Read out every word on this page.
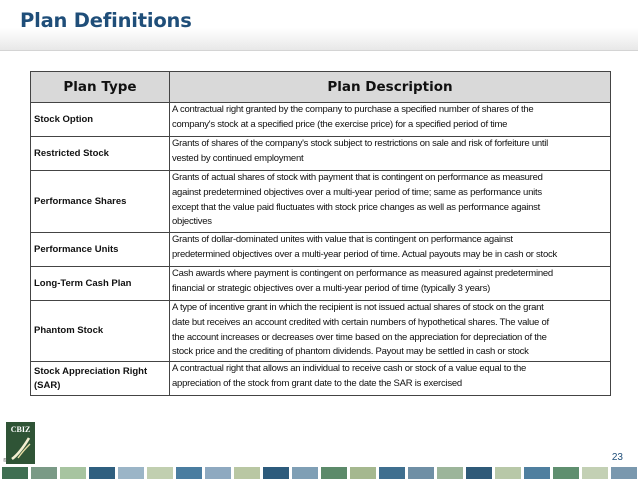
Plan Definitions
Plan Type	Plan Description
Stock Option	A contractual right granted by the company to purchase a specified number of shares of the
company's stock at a specified price (the exercise price) for a specified period of time

Restricted Stock	Grants of shares of the company's stock subject to restrictions on sale and risk of forfeiture until
vested by continued employment

Performance Shares	Grants of actual shares of stock with payment that is contingent on performance as measured
against predetermined objectives over a multi-year period of time; same as performance units
except that the value paid fluctuates with stock price changes as well as performance against
objectives

Performance Units	Grants of dollar-dominated unites with value that is contingent on performance against
predetermined objectives over a multi-year period of time. Actual payouts may be in cash or stock

Long-Term Cash Plan	Cash awards where payment is contingent on performance as measured against predetermined
financial or strategic objectives over a multi-year period of time (typically 3 years)

Phantom Stock	A type of incentive grant in which the recipient is not issued actual shares of stock on the grant
date but receives an account credited with certain numbers of hypothetical shares. The value of
the account increases or decreases over time based on the appreciation for depreciation of the
stock price and the crediting of phantom dividends. Payout may be settled in cash or stock

Stock Appreciation Right (SAR)	A contractual right that allows an individual to receive cash or stock of a value equal to the
appreciation of the stock from grant date to the date the SAR is exercised
CBIZ
®	23
